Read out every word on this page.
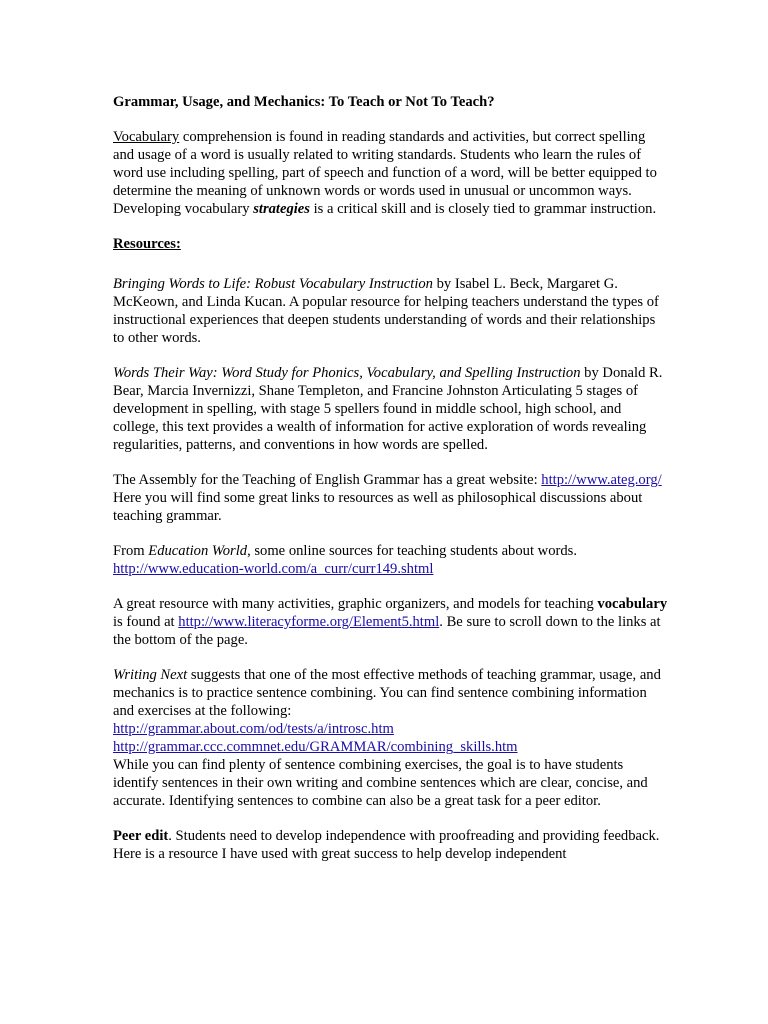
Grammar, Usage, and Mechanics: To Teach or Not To Teach?

Vocabulary comprehension is found in reading standards and activities, but correct spelling and usage of a word is usually related to writing standards. Students who learn the rules of word use including spelling, part of speech and function of a word, will be better equipped to determine the meaning of unknown words or words used in unusual or uncommon ways. Developing vocabulary strategies is a critical skill and is closely tied to grammar instruction.

Resources:

Bringing Words to Life: Robust Vocabulary Instruction by Isabel L. Beck, Margaret G. McKeown, and Linda Kucan. A popular resource for helping teachers understand the types of instructional experiences that deepen students understanding of words and their relationships to other words.

Words Their Way: Word Study for Phonics, Vocabulary, and Spelling Instruction by Donald R. Bear, Marcia Invernizzi, Shane Templeton, and Francine Johnston Articulating 5 stages of development in spelling, with stage 5 spellers found in middle school, high school, and college, this text provides a wealth of information for active exploration of words revealing regularities, patterns, and conventions in how words are spelled.

The Assembly for the Teaching of English Grammar has a great website: http://www.ateg.org/ Here you will find some great links to resources as well as philosophical discussions about teaching grammar.

From Education World, some online sources for teaching students about words.
http://www.education-world.com/a_curr/curr149.shtml

A great resource with many activities, graphic organizers, and models for teaching vocabulary is found at http://www.literacyforme.org/Element5.html. Be sure to scroll down to the links at the bottom of the page.

Writing Next suggests that one of the most effective methods of teaching grammar, usage, and mechanics is to practice sentence combining. You can find sentence combining information and exercises at the following:
http://grammar.about.com/od/tests/a/introsc.htm
http://grammar.ccc.commnet.edu/GRAMMAR/combining_skills.htm
While you can find plenty of sentence combining exercises, the goal is to have students identify sentences in their own writing and combine sentences which are clear, concise, and accurate. Identifying sentences to combine can also be a great task for a peer editor.

Peer edit. Students need to develop independence with proofreading and providing feedback. Here is a resource I have used with great success to help develop independent
